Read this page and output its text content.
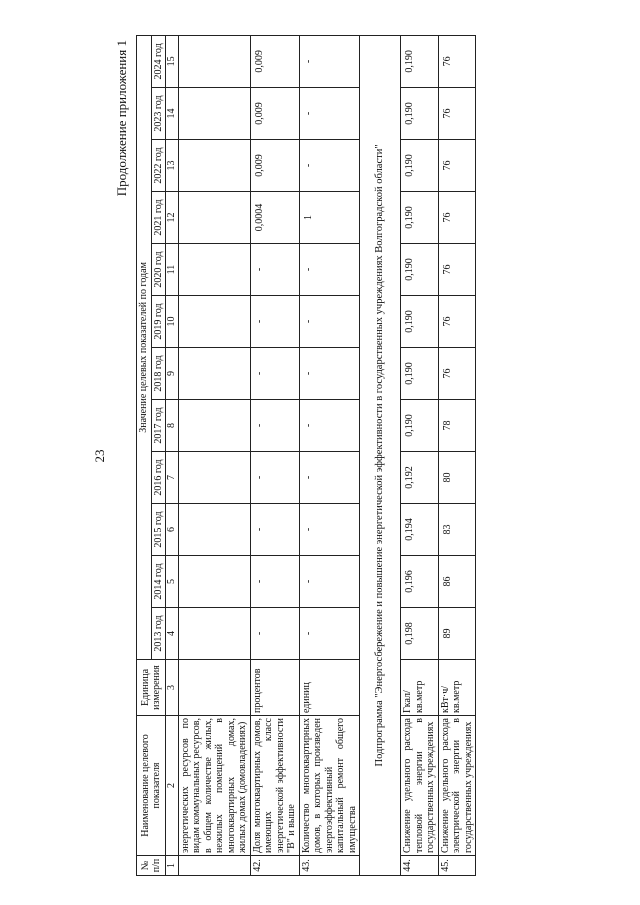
23
Продолжение приложения 1
№ п/п	Наименование целевого показателя	Единица измерения	Значение целевых показателей по годам											
			2013 год	2014 год	2015 год	2016 год	2017 год	2018 год	2019 год	2020 год	2021 год	2022 год	2023 год	2024 год
1	2	3	4	5	6	7	8	9	10	11	12	13	14	15
	энергетических ресурсов по видам коммунальных ресурсов, в общем количестве жилых, нежилых помещений в многоквартирных домах, жилых домах (домовладениях)													
42.	Доля многоквартирных домов, имеющих класс энергетической эффективности "В" и выше	процентов	-	-	-	-	-	-	-	-	0,0004	0,009	0,009	0,009
43.	Количество многоквартирных домов, в которых произведен энергоэффективный капитальный ремонт общего имущества	единиц	-	-	-	-	-	-	-	-	1	-	-	-
Подпрограмма "Энергосбережение и повышение энергетической эффективности в государственных учреждениях Волгоградской области"														
44.	Снижение удельного расхода тепловой энергии в государственных учреждениях	Гкал/ кв.метр	0,198	0,196	0,194	0,192	0,190	0,190	0,190	0,190	0,190	0,190	0,190	0,190
45.	Снижение удельного расхода электрической энергии в государственных учреждениях	кВт·ч/ кв.метр	89	86	83	80	78	76	76	76	76	76	76	76
